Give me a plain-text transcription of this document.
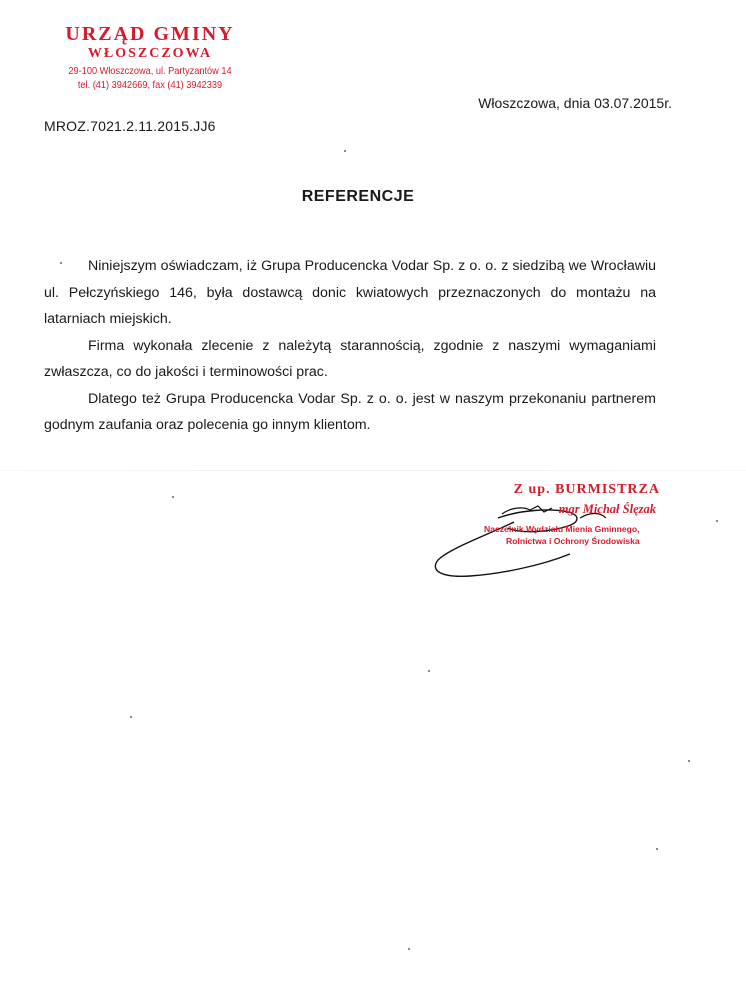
URZĄD GMINY
WŁOSZCZOWA
29-100 Włoszczowa, ul. Partyzantów 14
tel. (41) 3942669, fax (41) 3942339
Włoszczowa, dnia 03.07.2015r.
MROZ.7021.2.11.2015.JJ6
REFERENCJE

Niniejszym oświadczam, iż Grupa Producencka Vodar Sp. z o. o. z siedzibą we Wrocławiu ul. Pełczyńskiego 146, była dostawcą donic kwiatowych przeznaczonych do montażu na latarniach miejskich.

Firma wykonała zlecenie z należytą starannością, zgodnie z naszymi wymaganiami zwłaszcza, co do jakości i terminowości prac.

Dlatego też Grupa Producencka Vodar Sp. z o. o. jest w naszym przekonaniu partnerem godnym zaufania oraz polecenia go innym klientom.

Z up. BURMISTRZA
mgr Michał Ślęzak
Naczelnik Wydziału Mienia Gminnego,
Rolnictwa i Ochrony Środowiska
